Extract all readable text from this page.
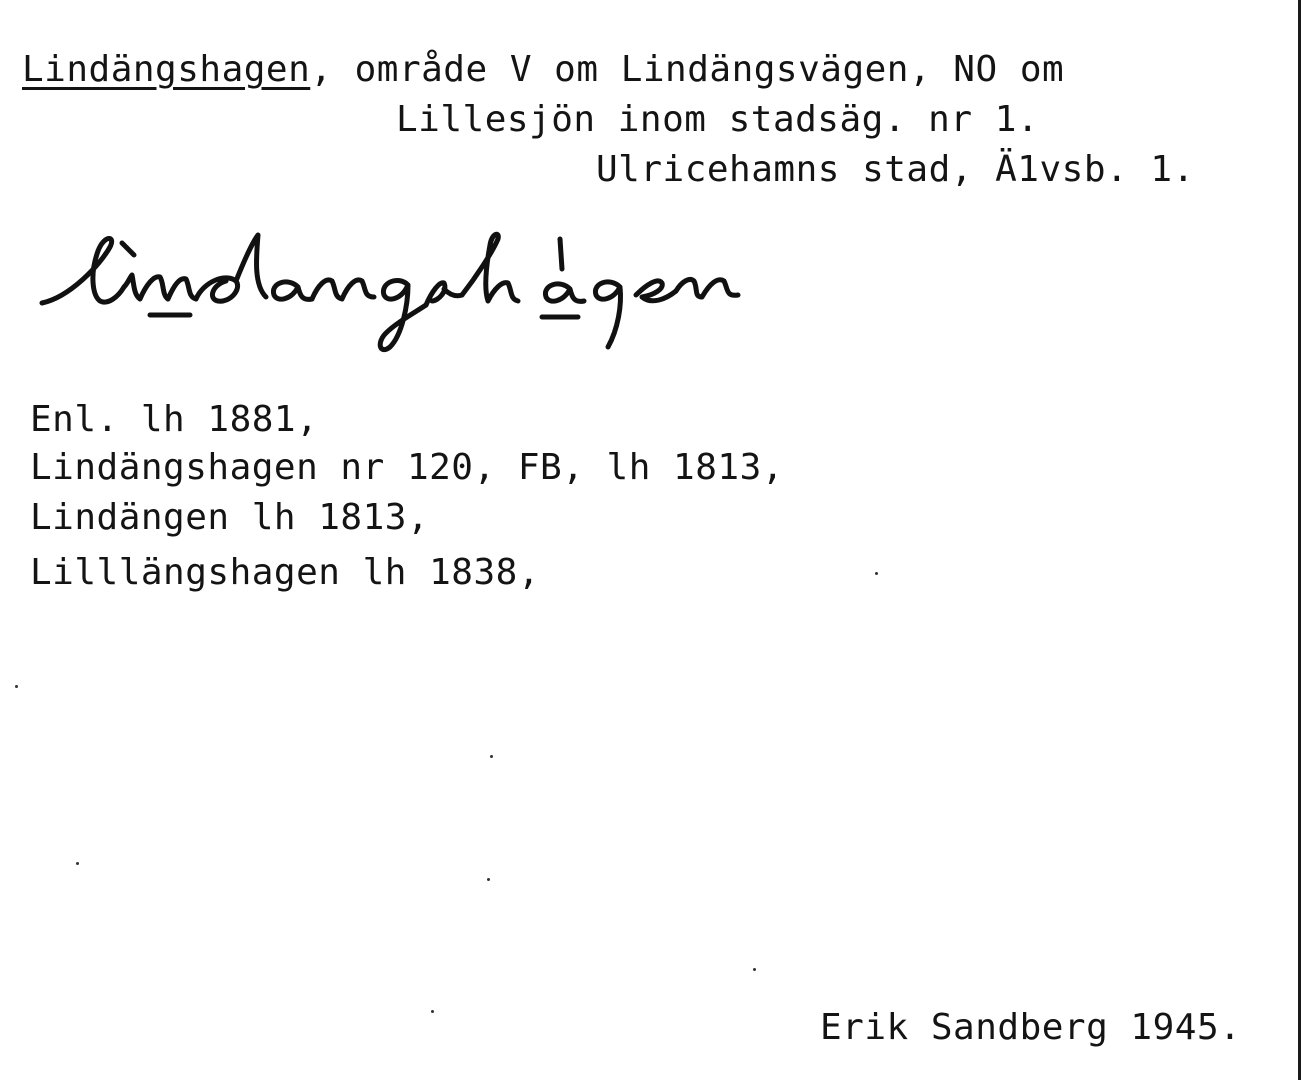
Lindängshagen, område V om Lindängsvägen, NO om
Lillesjön inom stadsäg. nr 1.
Ulricehamns stad, Ä1vsb. 1.
Enl. lh 1881,
Lindängshagen nr 120, FB, lh 1813,
Lindängen lh 1813,
Lilllängshagen lh 1838,
Erik Sandberg 1945.
